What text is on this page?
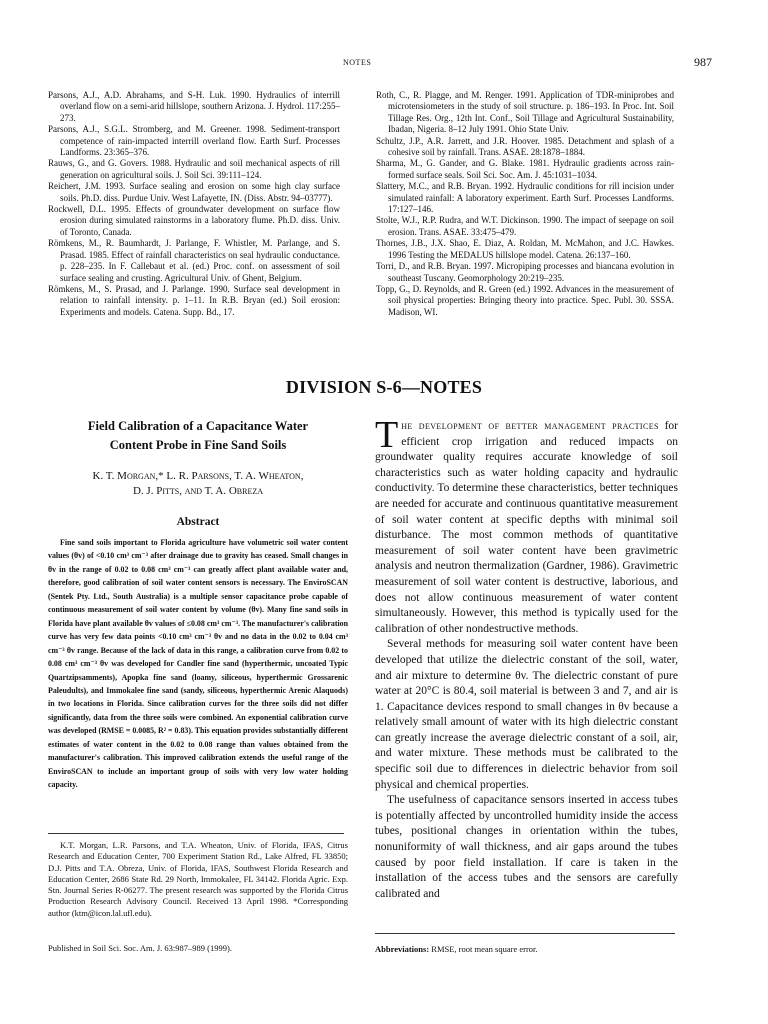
NOTES	987

Parsons, A.J., A.D. Abrahams, and S-H. Luk. 1990. Hydraulics of interrill overland flow on a semi-arid hillslope, southern Arizona. J. Hydrol. 117:255–273.

Parsons, A.J., S.G.L. Stromberg, and M. Greener. 1998. Sediment-transport competence of rain-impacted interrill overland flow. Earth Surf. Processes Landforms. 23:365–376.

Rauws, G., and G. Govers. 1988. Hydraulic and soil mechanical aspects of rill generation on agricultural soils. J. Soil Sci. 39:111–124.

Reichert, J.M. 1993. Surface sealing and erosion on some high clay surface soils. Ph.D. diss. Purdue Univ. West Lafayette, IN. (Diss. Abstr. 94–03777).

Rockwell, D.L. 1995. Effects of groundwater development on surface flow erosion during simulated rainstorms in a laboratory flume. Ph.D. diss. Univ. of Toronto, Canada.

Römkens, M., R. Baumhardt, J. Parlange, F. Whistler, M. Parlange, and S. Prasad. 1985. Effect of rainfall characteristics on seal hydraulic conductance. p. 228–235. In F. Callebaut et al. (ed.) Proc. conf. on assessment of soil surface sealing and crusting. Agricultural Univ. of Ghent, Belgium.

Römkens, M., S. Prasad, and J. Parlange. 1990. Surface seal development in relation to rainfall intensity. p. 1–11. In R.B. Bryan (ed.) Soil erosion: Experiments and models. Catena. Supp. Bd., 17.

Roth, C., R. Plagge, and M. Renger. 1991. Application of TDR-miniprobes and microtensiometers in the study of soil structure. p. 186–193. In Proc. Int. Soil Tillage Res. Org., 12th Int. Conf., Soil Tillage and Agricultural Sustainability, Ibadan, Nigeria. 8–12 July 1991. Ohio State Univ.

Schultz, J.P., A.R. Jarrett, and J.R. Hoover. 1985. Detachment and splash of a cohesive soil by rainfall. Trans. ASAE. 28:1878–1884.

Sharma, M., G. Gander, and G. Blake. 1981. Hydraulic gradients across rain-formed surface seals. Soil Sci. Soc. Am. J. 45:1031–1034.

Slattery, M.C., and R.B. Bryan. 1992. Hydraulic conditions for rill incision under simulated rainfall: A laboratory experiment. Earth Surf. Processes Landforms. 17:127–146.

Stolte, W.J., R.P. Rudra, and W.T. Dickinson. 1990. The impact of seepage on soil erosion. Trans. ASAE. 33:475–479.

Thornes, J.B., J.X. Shao, E. Diaz, A. Roldan, M. McMahon, and J.C. Hawkes. 1996 Testing the MEDALUS hillslope model. Catena. 26:137–160.

Torri, D., and R.B. Bryan. 1997. Micropiping processes and biancana evolution in southeast Tuscany. Geomorphology 20:219–235.

Topp, G., D. Reynolds, and R. Green (ed.) 1992. Advances in the measurement of soil physical properties: Bringing theory into practice. Spec. Publ. 30. SSSA. Madison, WI.

DIVISION S-6—NOTES
Field Calibration of a Capacitance Water Content Probe in Fine Sand Soils
K. T. Morgan,* L. R. Parsons, T. A. Wheaton,
D. J. Pitts, and T. A. Obreza
Abstract
Fine sand soils important to Florida agriculture have volumetric soil water content values (θv) of <0.10 cm³ cm⁻³ after drainage due to gravity has ceased. Small changes in θv in the range of 0.02 to 0.08 cm³ cm⁻³ can greatly affect plant available water and, therefore, good calibration of soil water content sensors is necessary. The EnviroSCAN (Sentek Pty. Ltd., South Australia) is a multiple sensor capacitance probe capable of continuous measurement of soil water content by volume (θv). Many fine sand soils in Florida have plant available θv values of ≤0.08 cm³ cm⁻³. The manufacturer's calibration curve has very few data points <0.10 cm³ cm⁻³ θv and no data in the 0.02 to 0.04 cm³ cm⁻³ θv range. Because of the lack of data in this range, a calibration curve from 0.02 to 0.08 cm³ cm⁻³ θv was developed for Candler fine sand (hyperthermic, uncoated Typic Quartzipsamments), Apopka fine sand (loamy, siliceous, hyperthermic Grossarenic Paleudults), and Immokalee fine sand (sandy, siliceous, hyperthermic Arenic Alaquods) in two locations in Florida. Since calibration curves for the three soils did not differ significantly, data from the three soils were combined. An exponential calibration curve was developed (RMSE = 0.0085, R² = 0.83). This equation provides substantially different estimates of water content in the 0.02 to 0.08 range than values obtained from the manufacturer's calibration. This improved calibration extends the useful range of the EnviroSCAN to include an important group of soils with very low water holding capacity.
K.T. Morgan, L.R. Parsons, and T.A. Wheaton, Univ. of Florida, IFAS, Citrus Research and Education Center, 700 Experiment Station Rd., Lake Alfred, FL 33850; D.J. Pitts and T.A. Obreza, Univ. of Florida, IFAS, Southwest Florida Research and Education Center, 2686 State Rd. 29 North, Immokalee, FL 34142. Florida Agric. Exp. Stn. Journal Series R-06277. The present research was supported by the Florida Citrus Production Research Advisory Council. Received 13 April 1998. *Corresponding author (ktm@icon.lal.ufl.edu).
Published in Soil Sci. Soc. Am. J. 63:987–989 (1999).

The development of better management practices for efficient crop irrigation and reduced impacts on groundwater quality requires accurate knowledge of soil characteristics such as water holding capacity and hydraulic conductivity. To determine these characteristics, better techniques are needed for accurate and continuous quantitative measurement of soil water content at specific depths with minimal soil disturbance. The most common methods of quantitative measurement of soil water content have been gravimetric analysis and neutron thermalization (Gardner, 1986). Gravimetric measurement of soil water content is destructive, laborious, and does not allow continuous measurement of water content simultaneously. However, this method is typically used for the calibration of other nondestructive methods.

Several methods for measuring soil water content have been developed that utilize the dielectric constant of the soil, water, and air mixture to determine θv. The dielectric constant of pure water at 20°C is 80.4, soil material is between 3 and 7, and air is 1. Capacitance devices respond to small changes in θv because a relatively small amount of water with its high dielectric constant can greatly increase the average dielectric constant of a soil, air, and water mixture. These methods must be calibrated to the specific soil due to differences in dielectric behavior from soil physical and chemical properties.

The usefulness of capacitance sensors inserted in access tubes is potentially affected by uncontrolled humidity inside the access tubes, positional changes in orientation within the tubes, nonuniformity of wall thickness, and air gaps around the tubes caused by poor field installation. If care is taken in the installation of the access tubes and the sensors are carefully calibrated and

Abbreviations: RMSE, root mean square error.
